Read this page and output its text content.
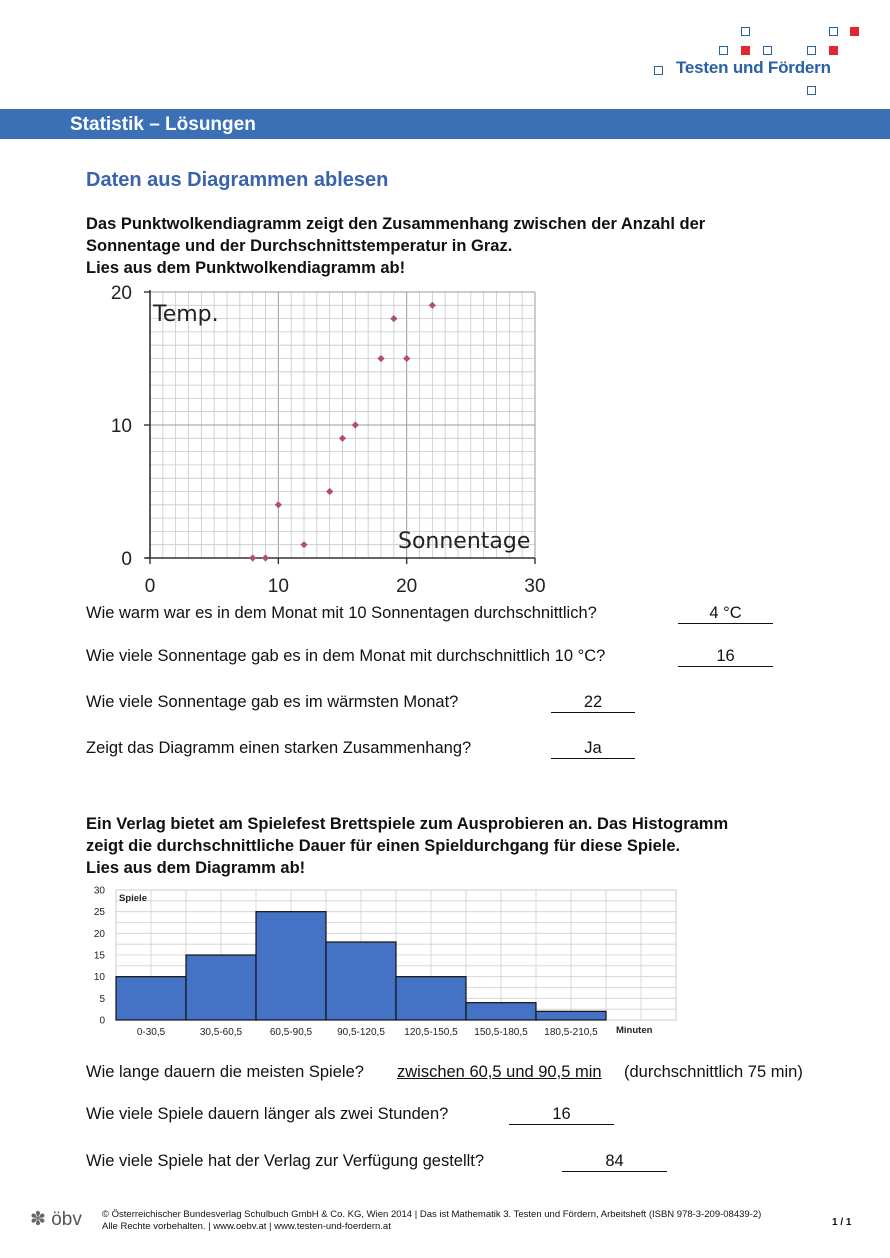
Testen und Fördern
Statistik – Lösungen
Daten aus Diagrammen ablesen
Das Punktwolkendiagramm zeigt den Zusammenhang zwischen der Anzahl der
Sonnentage und der Durchschnittstemperatur in Graz.
Lies aus dem Punktwolkendiagramm ab!
0	10	20	30
0
10
20
Temp.
Sonnentage
Wie warm war es in dem Monat mit 10 Sonnentagen durchschnittlich?	4 °C
Wie viele Sonnentage gab es in dem Monat mit durchschnittlich 10 °C?	16
Wie viele Sonnentage gab es im wärmsten Monat?	22
Zeigt das Diagramm einen starken Zusammenhang?	Ja
Ein Verlag bietet am Spielefest Brettspiele zum Ausprobieren an. Das Histogramm
zeigt die durchschnittliche Dauer für einen Spieldurchgang für diese Spiele.
Lies aus dem Diagramm ab!
0
5
10
15
20
25
30
0-30,5	30,5-60,5	60,5-90,5 90,5-120,5 120,5-150,5 150,5-180,5 180,5-210,5
Spiele
Minuten
Wie lange dauern die meisten Spiele? zwischen 60,5 und 90,5 min (durchschnittlich 75 min)
Wie viele Spiele dauern länger als zwei Stunden?	16
Wie viele Spiele hat der Verlag zur Verfügung gestellt?	84
✽ öbv © Österreichischer Bundesverlag Schulbuch GmbH & Co. KG, Wien 2014 | Das ist Mathematik 3. Testen und Fördern, Arbeitsheft (ISBN 978-3-209-08439-2)
Alle Rechte vorbehalten. | www.oebv.at | www.testen-und-foerdern.at	1 / 1
